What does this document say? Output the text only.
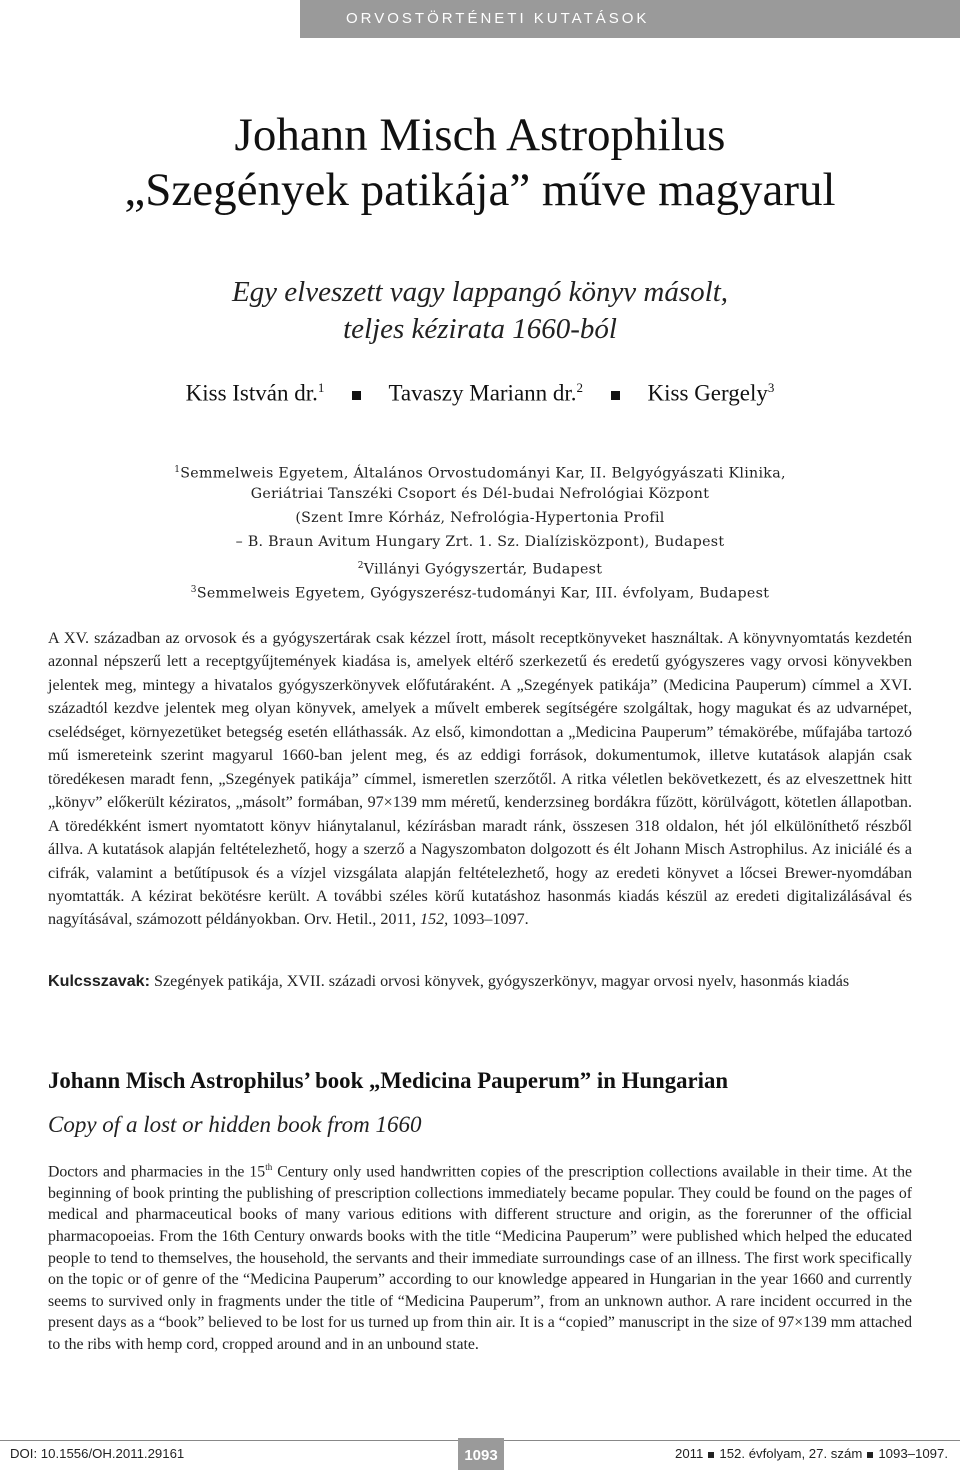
ORVOSTÖRTÉNETI KUTATÁSOK
Johann Misch Astrophilus
„Szegények patikája” műve magyarul
Egy elveszett vagy lappangó könyv másolt,
teljes kézirata 1660-ból
Kiss István dr.$^1$	Tavaszy Mariann dr.$^2$	Kiss Gergely$^3$
$^1$Semmelweis Egyetem, Általános Orvostudományi Kar, II. Belgyógyászati Klinika,
Geriátriai Tanszéki Csoport és Dél-budai Nefrológiai Központ
(Szent Imre Kórház, Nefrológia-Hypertonia Profil
– B. Braun Avitum Hungary Zrt. 1. Sz. Dialízisközpont), Budapest
$^2$Villányi Gyógyszertár, Budapest
$^3$Semmelweis Egyetem, Gyógyszerész-tudományi Kar, III. évfolyam, Budapest

A XV. században az orvosok és a gyógyszertárak csak kézzel írott, másolt receptkönyveket használtak. A könyvnyomtatás kezdetén azonnal népszerű lett a receptgyűjtemények kiadása is, amelyek eltérő szerkezetű és eredetű gyógyszeres vagy orvosi könyvekben jelentek meg, mintegy a hivatalos gyógyszerkönyvek előfutáraként. A „Szegények patikája” (Medicina Pauperum) címmel a XVI. századtól kezdve jelentek meg olyan könyvek, amelyek a művelt emberek segítségére szolgáltak, hogy magukat és az udvarnépet, cselédséget, környezetüket betegség esetén elláthassák. Az első, kimondottan a „Medicina Pauperum” témakörébe, műfajába tartozó mű ismereteink szerint magyarul 1660-ban jelent meg, és az eddigi források, dokumentumok, illetve kutatások alapján csak töredékesen maradt fenn, „Szegények patikája” címmel, ismeretlen szerzőtől. A ritka véletlen bekövetkezett, és az elveszettnek hitt „könyv” előkerült kéziratos, „másolt” formában, 97×139 mm méretű, kenderzsineg bordákra fűzött, körülvágott, kötetlen állapotban. A töredékként ismert nyomtatott könyv hiánytalanul, kézírásban maradt ránk, összesen 318 oldalon, hét jól elkülöníthető részből állva. A kutatások alapján feltételezhető, hogy a szerző a Nagyszombaton dolgozott és élt Johann Misch Astrophilus. Az iniciálé és a cifrák, valamint a betűtípusok és a vízjel vizsgálata alapján feltételezhető, hogy az eredeti könyvet a lőcsei Brewer-nyomdában nyomtatták. A kézirat bekötésre került. A további széles körű kutatáshoz hasonmás kiadás készül az eredeti digitalizálásával és nagyításával, számozott példányokban. Orv. Hetil., 2011, 152, 1093–1097.

Kulcsszavak: Szegények patikája, XVII. századi orvosi könyvek, gyógyszerkönyv, magyar orvosi nyelv, hasonmás kiadás
Johann Misch Astrophilus’ book „Medicina Pauperum” in Hungarian
Copy of a lost or hidden book from 1660

Doctors and pharmacies in the 15th Century only used handwritten copies of the prescription collections available in their time. At the beginning of book printing the publishing of prescription collections immediately became popular. They could be found on the pages of medical and pharmaceutical books of many various editions with different structure and origin, as the forerunner of the official pharmacopoeias. From the 16th Century onwards books with the title “Medicina Pauperum” were published which helped the educated people to tend to themselves, the household, the servants and their immediate surroundings case of an illness. The first work specifically on the topic or of genre of the “Medicina Pauperum” according to our knowledge appeared in Hungarian in the year 1660 and currently seems to survived only in fragments under the title of “Medicina Pauperum”, from an unknown author. A rare incident occurred in the present days as a “book” believed to be lost for us turned up from thin air. It is a “copied” manuscript in the size of 97×139 mm attached to the ribs with hemp cord, cropped around and in an unbound state.

DOI: 10.1556/OH.2011.29161	1093	2011 152. évfolyam, 27. szám 1093–1097.
